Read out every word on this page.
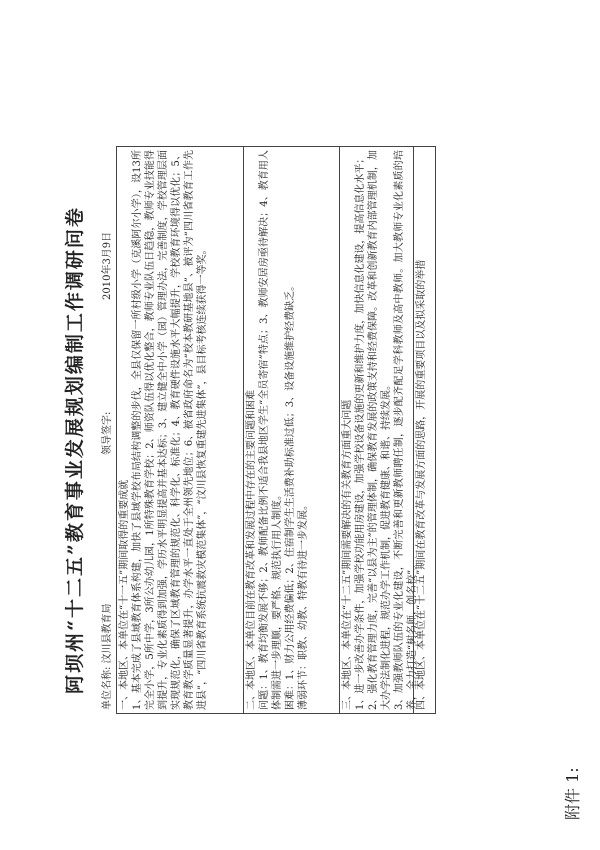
附件 1:
阿坝州“十二五”教育事业发展规划编制工作调研问卷	单位名称: 汶川县教育局
领导签字:
2010年3月9日

一、本地区、本单位在“十一五”期间取得的重要成就 1、基本完成了县域教育体系构建，加快了县域学校布局结构调整的步伐，全县仅保留一所村级小学（克溪阿尔小学），设13所完全小学，5所中学，3所公办幼儿园，1所特殊教育学校；2、师资队伍得以优化整合，教师专业队伍日趋稳，教师专业技能得到提升，专业化素质得到加强，学历水平明显提高并基本达标；3、建立健全中小学（园）管理办法，完善制度，学校管理层面实现规范化，确保了区域教育管理的规范化、科学化、标准化；4、教育硬件设施水平大幅提升，学校教育环境得以优化；5、教育教学质量显著提升，办学水平一直处于全州领先地位；6、被省政府命名为“校本教研基地县”、被评为“四川省教育工作先进县”，“四川省教育系统抗震救灾模范集体”，“汶川县恢复重建先进集体”，县目标考核连续获得一等奖。	二、本地区、本单位目前在教育改革和发展过程中存在的主要问题和困难 问题：1、教育均衡发展不够；2、教师配备比例不适合我县地区学生“全员寄宿”特点；3、教师安居房亟待解决；4、教育用人体制需进一步理顺，要严格、规范执行用人制度。 困难：1、财力公用经费偏低；2、住宿制学生生活费补助标准过低；3、设备设施维护经费缺乏。 薄弱环节：职教、幼教、特教有待进一步发展。	三、本地区、本单位在“十二五”期间需要解决的有关教育方面重大问题 1、进一步改善办学条件，加强学校功能用房建设，加强学校设备设施的更新和维护力度，加快信息化建设，提高信息化水平； 2、强化教育管理力度，完善“以县为主”的管理体制，确保教育发展的政策支持和经费保障。改革和创新教育内部管理机制，加大办学法制化进程，规范办学工作机制，促进教育健康、和谐、持续发展。 3、加强教师队伍的专业化建设，不断完善和更新教师聘任制，逐步配齐配足学科教师及高中教师。加大教师专业化素质的培养，全力打造“树名师，创名校”。

四、本地区、本单位在“十二五”期间在教育改革与发展方面的思路，开展的重要项目以及拟采取的举措
